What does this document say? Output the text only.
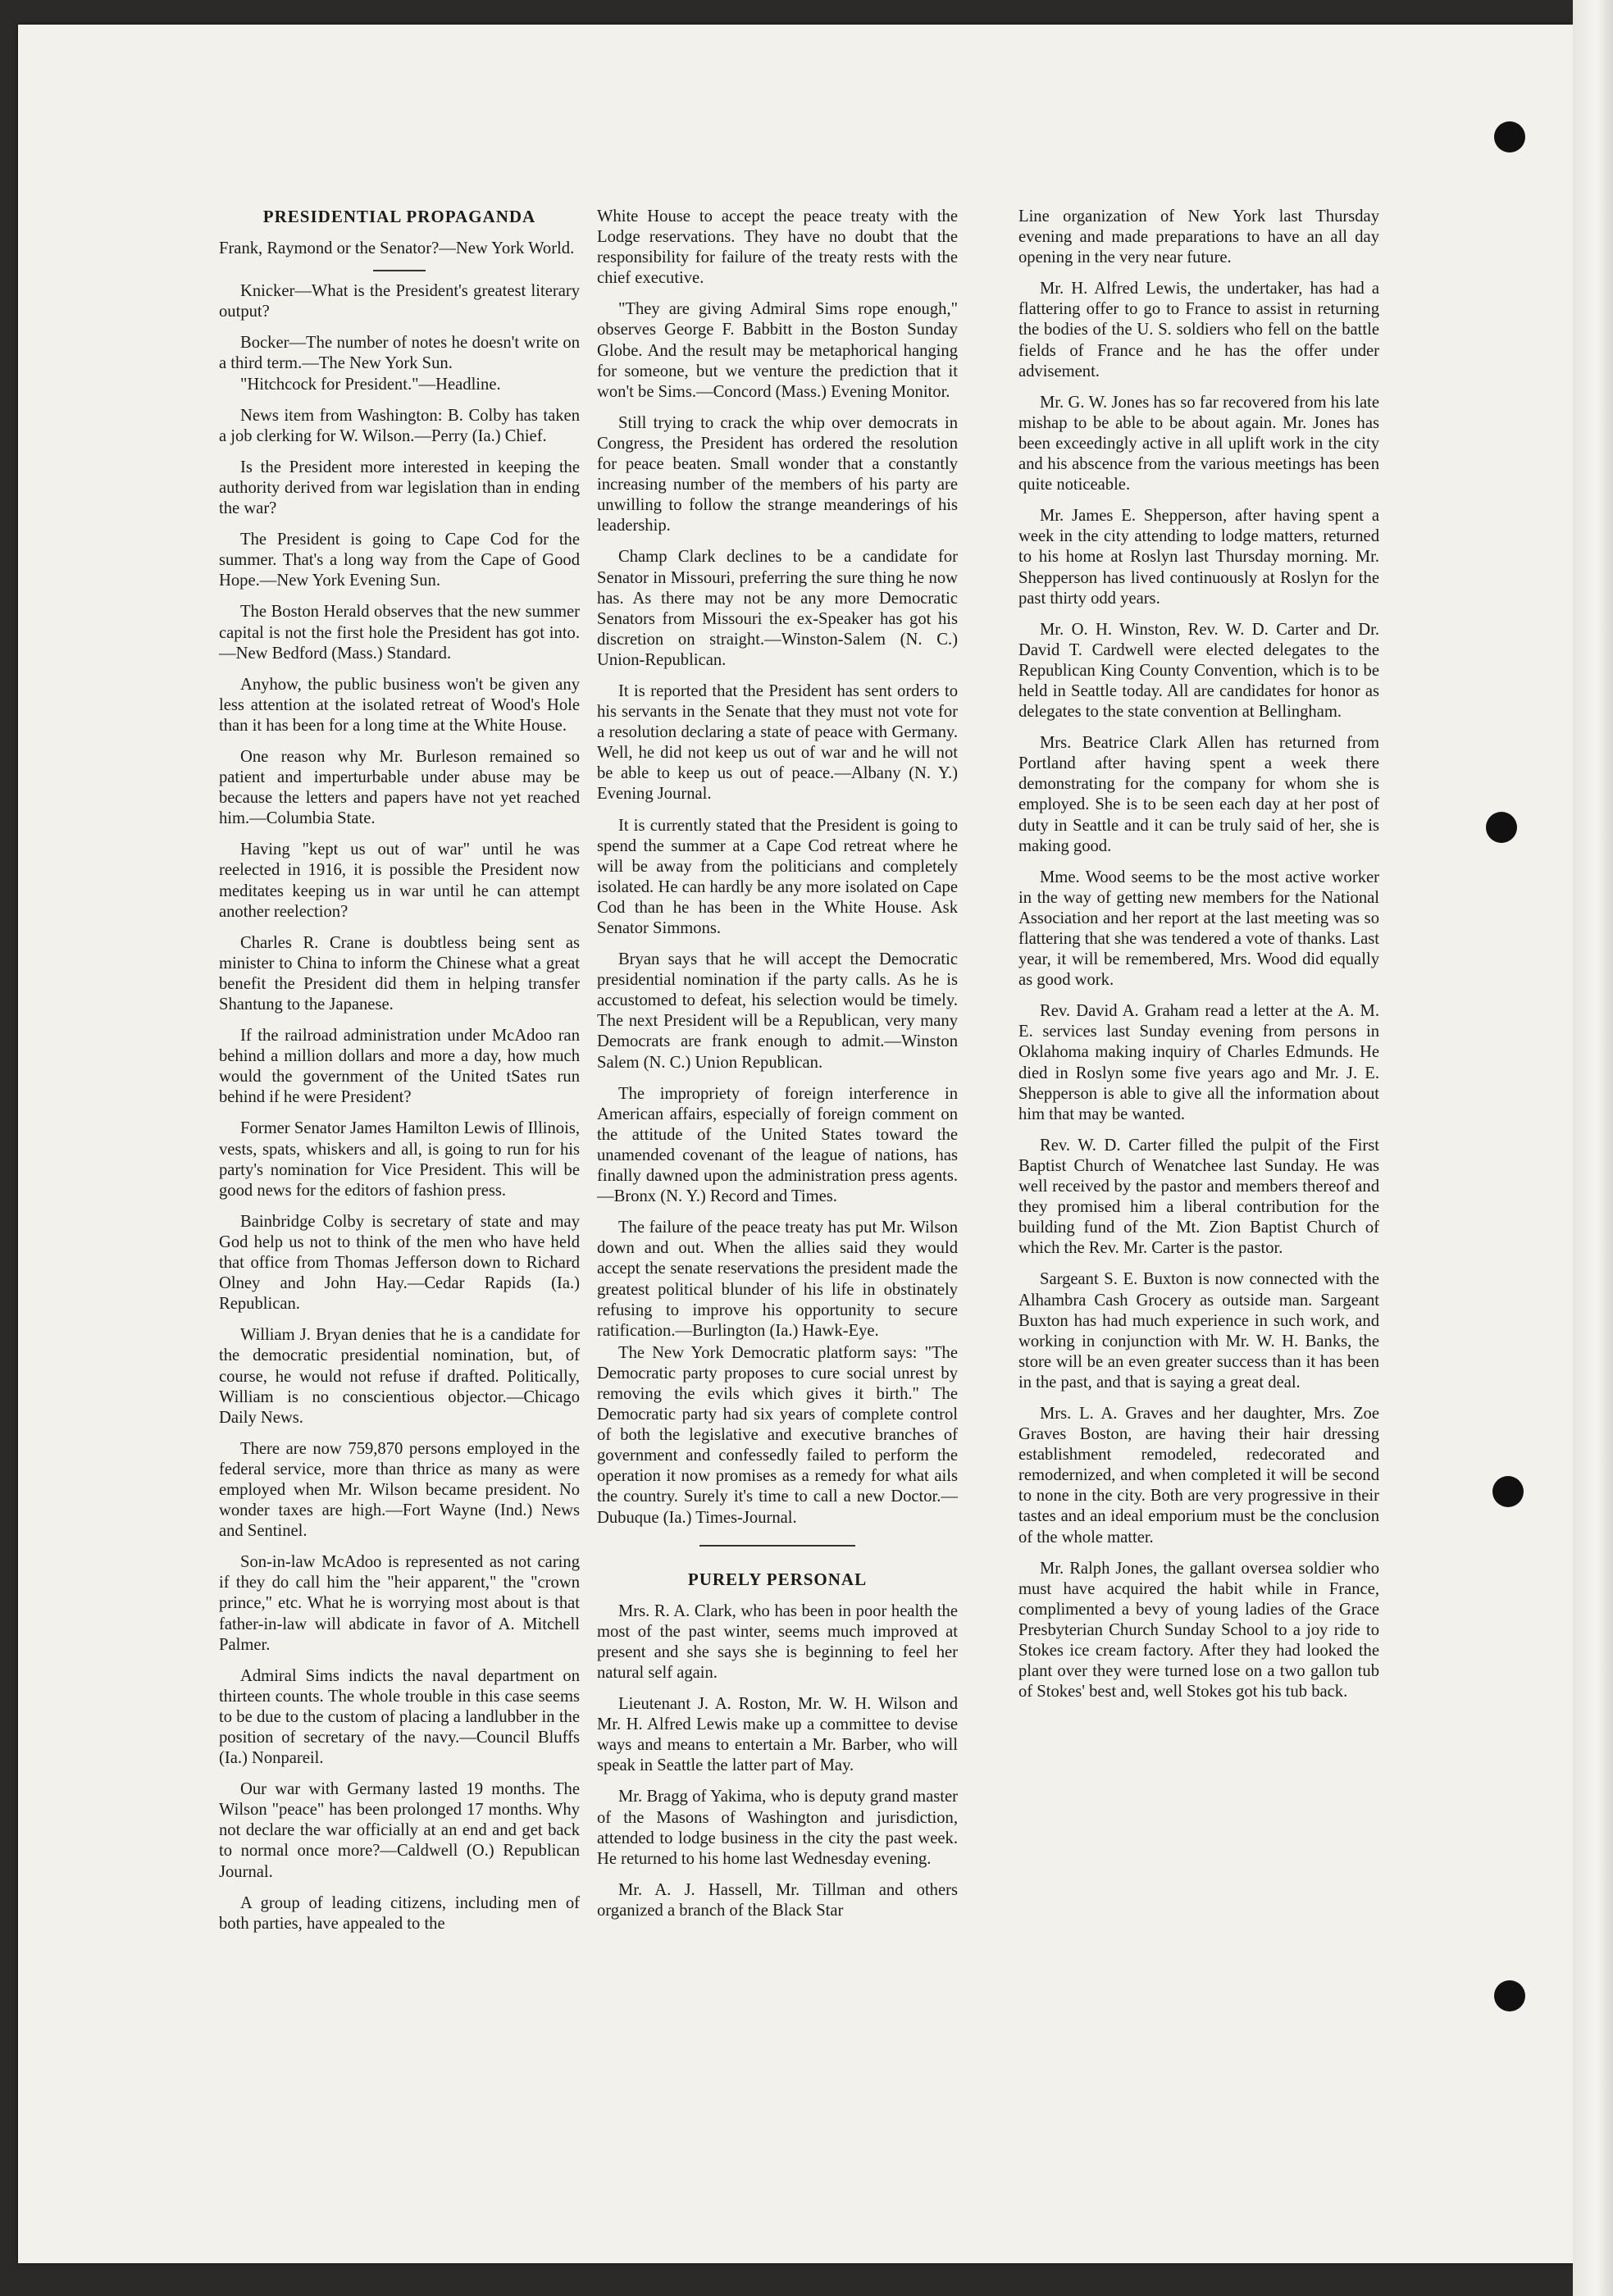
PRESIDENTIAL PROPAGANDA

Frank, Raymond or the Senator?—New York World.

Knicker—What is the President's greatest literary output?

Bocker—The number of notes he doesn't write on a third term.—The New York Sun.

"Hitchcock for President."—Headline.

News item from Washington: B. Colby has taken a job clerking for W. Wilson.—Perry (Ia.) Chief.

Is the President more interested in keeping the authority derived from war legislation than in ending the war?

The President is going to Cape Cod for the summer. That's a long way from the Cape of Good Hope.—New York Evening Sun.

The Boston Herald observes that the new summer capital is not the first hole the President has got into.—New Bedford (Mass.) Standard.

Anyhow, the public business won't be given any less attention at the isolated retreat of Wood's Hole than it has been for a long time at the White House.

One reason why Mr. Burleson remained so patient and imperturbable under abuse may be because the letters and papers have not yet reached him.—Columbia State.

Having "kept us out of war" until he was reelected in 1916, it is possible the President now meditates keeping us in war until he can attempt another reelection?

Charles R. Crane is doubtless being sent as minister to China to inform the Chinese what a great benefit the President did them in helping transfer Shantung to the Japanese.

If the railroad administration under McAdoo ran behind a million dollars and more a day, how much would the government of the United tSates run behind if he were President?

Former Senator James Hamilton Lewis of Illinois, vests, spats, whiskers and all, is going to run for his party's nomination for Vice President. This will be good news for the editors of fashion press.

Bainbridge Colby is secretary of state and may God help us not to think of the men who have held that office from Thomas Jefferson down to Richard Olney and John Hay.—Cedar Rapids (Ia.) Republican.

William J. Bryan denies that he is a candidate for the democratic presidential nomination, but, of course, he would not refuse if drafted. Politically, William is no conscientious objector.—Chicago Daily News.

There are now 759,870 persons employed in the federal service, more than thrice as many as were employed when Mr. Wilson became president. No wonder taxes are high.—Fort Wayne (Ind.) News and Sentinel.

Son-in-law McAdoo is represented as not caring if they do call him the "heir apparent," the "crown prince," etc. What he is worrying most about is that father-in-law will abdicate in favor of A. Mitchell Palmer.

Admiral Sims indicts the naval department on thirteen counts. The whole trouble in this case seems to be due to the custom of placing a landlubber in the position of secretary of the navy.—Council Bluffs (Ia.) Nonpareil.

Our war with Germany lasted 19 months. The Wilson "peace" has been prolonged 17 months. Why not declare the war officially at an end and get back to normal once more?—Caldwell (O.) Republican Journal.

A group of leading citizens, including men of both parties, have appealed to the

White House to accept the peace treaty with the Lodge reservations. They have no doubt that the responsibility for failure of the treaty rests with the chief executive.

"They are giving Admiral Sims rope enough," observes George F. Babbitt in the Boston Sunday Globe. And the result may be metaphorical hanging for someone, but we venture the prediction that it won't be Sims.—Concord (Mass.) Evening Monitor.

Still trying to crack the whip over democrats in Congress, the President has ordered the resolution for peace beaten. Small wonder that a constantly increasing number of the members of his party are unwilling to follow the strange meanderings of his leadership.

Champ Clark declines to be a candidate for Senator in Missouri, preferring the sure thing he now has. As there may not be any more Democratic Senators from Missouri the ex-Speaker has got his discretion on straight.—Winston-Salem (N. C.) Union-Republican.

It is reported that the President has sent orders to his servants in the Senate that they must not vote for a resolution declaring a state of peace with Germany. Well, he did not keep us out of war and he will not be able to keep us out of peace.—Albany (N. Y.) Evening Journal.

It is currently stated that the President is going to spend the summer at a Cape Cod retreat where he will be away from the politicians and completely isolated. He can hardly be any more isolated on Cape Cod than he has been in the White House. Ask Senator Simmons.

Bryan says that he will accept the Democratic presidential nomination if the party calls. As he is accustomed to defeat, his selection would be timely. The next President will be a Republican, very many Democrats are frank enough to admit.—Winston Salem (N. C.) Union Republican.

The impropriety of foreign interference in American affairs, especially of foreign comment on the attitude of the United States toward the unamended covenant of the league of nations, has finally dawned upon the administration press agents.—Bronx (N. Y.) Record and Times.

The failure of the peace treaty has put Mr. Wilson down and out. When the allies said they would accept the senate reservations the president made the greatest political blunder of his life in obstinately refusing to improve his opportunity to secure ratification.—Burlington (Ia.) Hawk-Eye.

The New York Democratic platform says: "The Democratic party proposes to cure social unrest by removing the evils which gives it birth." The Democratic party had six years of complete control of both the legislative and executive branches of government and confessedly failed to perform the operation it now promises as a remedy for what ails the country. Surely it's time to call a new Doctor.—Dubuque (Ia.) Times-Journal.

PURELY PERSONAL

Mrs. R. A. Clark, who has been in poor health the most of the past winter, seems much improved at present and she says she is beginning to feel her natural self again.

Lieutenant J. A. Roston, Mr. W. H. Wilson and Mr. H. Alfred Lewis make up a committee to devise ways and means to entertain a Mr. Barber, who will speak in Seattle the latter part of May.

Mr. Bragg of Yakima, who is deputy grand master of the Masons of Washington and jurisdiction, attended to lodge business in the city the past week. He returned to his home last Wednesday evening.

Mr. A. J. Hassell, Mr. Tillman and others organized a branch of the Black Star

Line organization of New York last Thursday evening and made preparations to have an all day opening in the very near future.

Mr. H. Alfred Lewis, the undertaker, has had a flattering offer to go to France to assist in returning the bodies of the U. S. soldiers who fell on the battle fields of France and he has the offer under advisement.

Mr. G. W. Jones has so far recovered from his late mishap to be able to be about again. Mr. Jones has been exceedingly active in all uplift work in the city and his abscence from the various meetings has been quite noticeable.

Mr. James E. Shepperson, after having spent a week in the city attending to lodge matters, returned to his home at Roslyn last Thursday morning. Mr. Shepperson has lived continuously at Roslyn for the past thirty odd years.

Mr. O. H. Winston, Rev. W. D. Carter and Dr. David T. Cardwell were elected delegates to the Republican King County Convention, which is to be held in Seattle today. All are candidates for honor as delegates to the state convention at Bellingham.

Mrs. Beatrice Clark Allen has returned from Portland after having spent a week there demonstrating for the company for whom she is employed. She is to be seen each day at her post of duty in Seattle and it can be truly said of her, she is making good.

Mme. Wood seems to be the most active worker in the way of getting new members for the National Association and her report at the last meeting was so flattering that she was tendered a vote of thanks. Last year, it will be remembered, Mrs. Wood did equally as good work.

Rev. David A. Graham read a letter at the A. M. E. services last Sunday evening from persons in Oklahoma making inquiry of Charles Edmunds. He died in Roslyn some five years ago and Mr. J. E. Shepperson is able to give all the information about him that may be wanted.

Rev. W. D. Carter filled the pulpit of the First Baptist Church of Wenatchee last Sunday. He was well received by the pastor and members thereof and they promised him a liberal contribution for the building fund of the Mt. Zion Baptist Church of which the Rev. Mr. Carter is the pastor.

Sargeant S. E. Buxton is now connected with the Alhambra Cash Grocery as outside man. Sargeant Buxton has had much experience in such work, and working in conjunction with Mr. W. H. Banks, the store will be an even greater success than it has been in the past, and that is saying a great deal.

Mrs. L. A. Graves and her daughter, Mrs. Zoe Graves Boston, are having their hair dressing establishment remodeled, redecorated and remodernized, and when completed it will be second to none in the city. Both are very progressive in their tastes and an ideal emporium must be the conclusion of the whole matter.

Mr. Ralph Jones, the gallant oversea soldier who must have acquired the habit while in France, complimented a bevy of young ladies of the Grace Presbyterian Church Sunday School to a joy ride to Stokes ice cream factory. After they had looked the plant over they were turned lose on a two gallon tub of Stokes' best and, well Stokes got his tub back.
